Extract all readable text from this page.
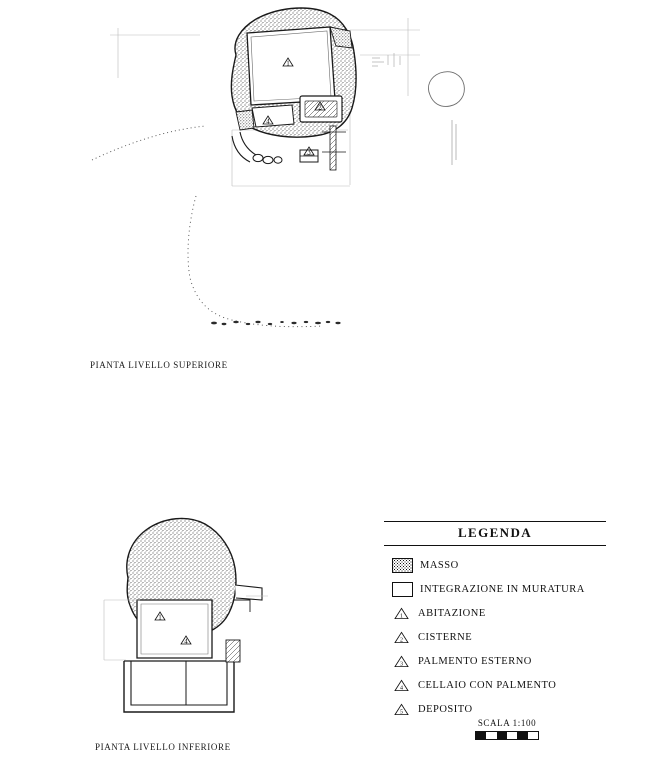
1
2
3
4
4
1
PIANTA LIVELLO SUPERIORE
PIANTA LIVELLO INFERIORE
LEGENDA
MASSO
INTEGRAZIONE IN MURATURA
1 ABITAZIONE
2 CISTERNE
3 PALMENTO ESTERNO
4 CELLAIO CON PALMENTO
5 DEPOSITO
SCALA 1:100
